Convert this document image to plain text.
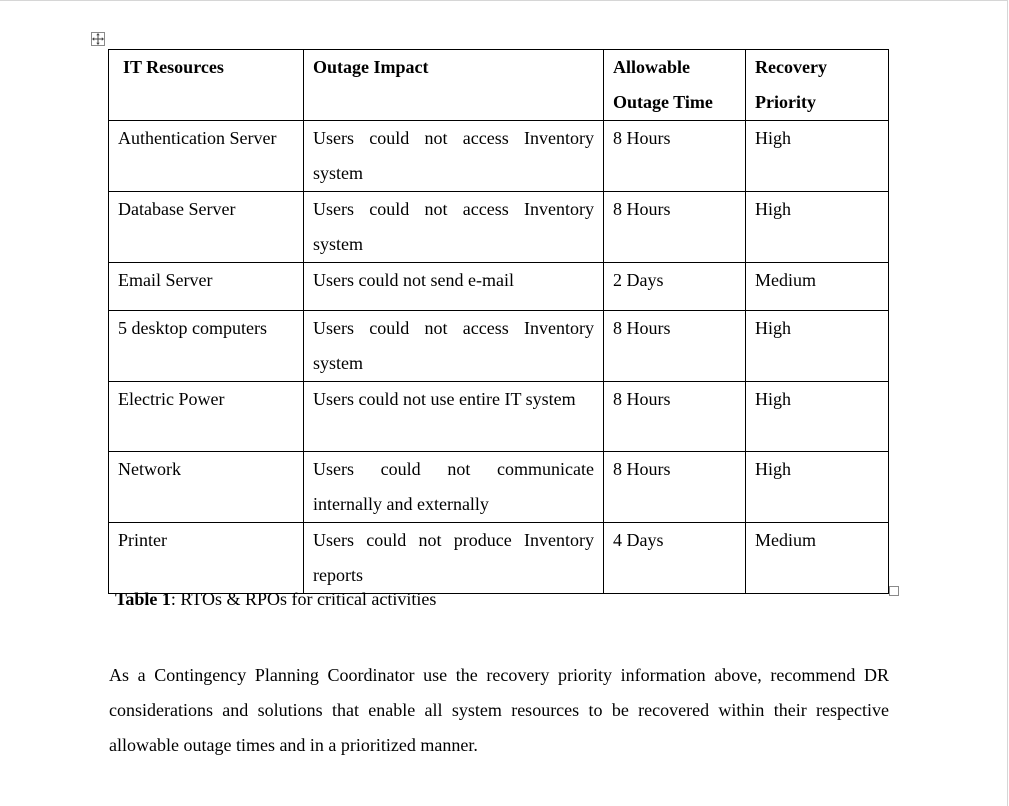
IT Resources	Outage Impact	Allowable Outage Time	Recovery Priority
Authentication Server	Users could not access Inventory system	8 Hours	High
Database Server	Users could not access Inventory system	8 Hours	High
Email Server	Users could not send e-mail	2 Days	Medium
5 desktop computers	Users could not access Inventory system	8 Hours	High
Electric Power	Users could not use entire IT system	8 Hours	High
Network	Users could not communicate internally and externally	8 Hours	High
Printer	Users could not produce Inventory reports	4 Days	Medium
Table 1: RTOs & RPOs for critical activities

As a Contingency Planning Coordinator use the recovery priority information above, recommend DR considerations and solutions that enable all system resources to be recovered within their respective allowable outage times and in a prioritized manner.
